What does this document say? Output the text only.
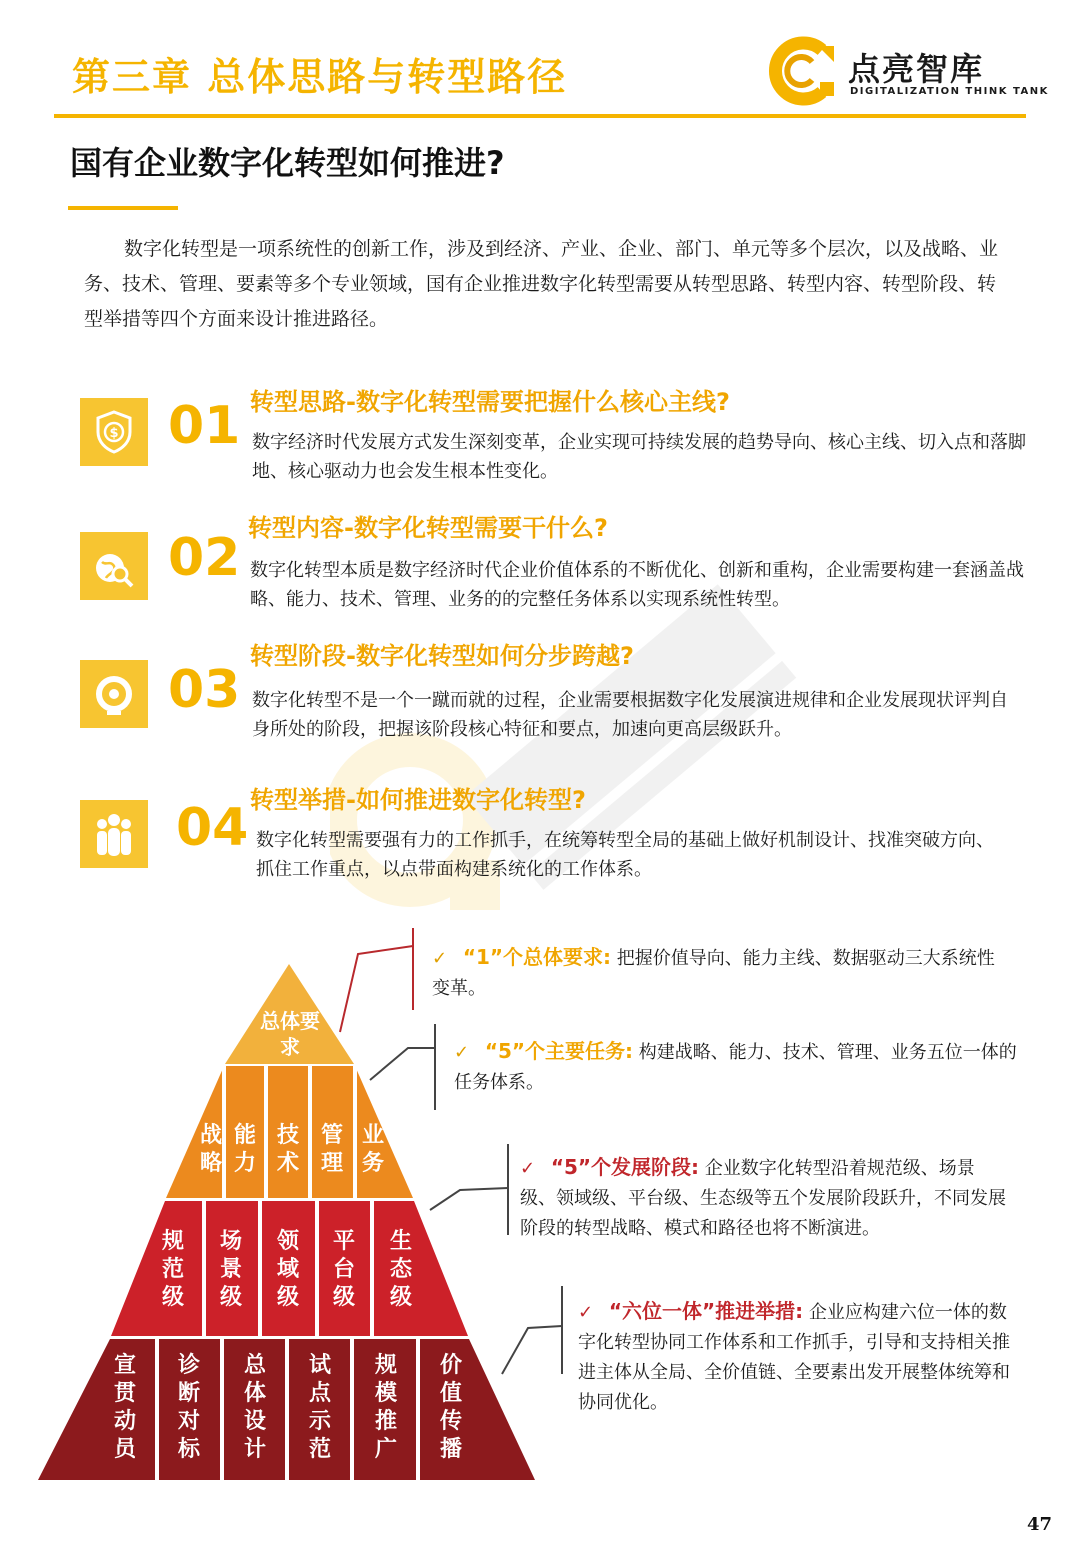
第三章 总体思路与转型路径	点亮智库
DIGITALIZATION THINK TANK
国有企业数字化转型如何推进?
数字化转型是一项系统性的创新工作，涉及到经济、产业、企业、部门、单元等多个层次，以及战略、业务、技术、管理、要素等多个专业领域，国有企业推进数字化转型需要从转型思路、转型内容、转型阶段、转型举措等四个方面来设计推进路径。
$ 01 转型思路-数字化转型需要把握什么核心主线?
数字经济时代发展方式发生深刻变革，企业实现可持续发展的趋势导向、核心主线、切入点和落脚地、核心驱动力也会发生根本性变化。
02 转型内容-数字化转型需要干什么?
数字化转型本质是数字经济时代企业价值体系的不断优化、创新和重构，企业需要构建一套涵盖战略、能力、技术、管理、业务的的完整任务体系以实现系统性转型。
03
转型阶段-数字化转型如何分步跨越?
数字化转型不是一个一蹴而就的过程，企业需要根据数字化发展演进规律和企业发展现状评判自身所处的阶段，把握该阶段核心特征和要点，加速向更高层级跃升。
04 转型举措-如何推进数字化转型?
数字化转型需要强有力的工作抓手，在统筹转型全局的基础上做好机制设计、找准突破方向、抓住工作重点，以点带面构建系统化的工作体系。
总体要求
战略
能力
技术
管理
业务
规范级
场景级
领域级
平台级
生态级
宣贯动员
诊断对标
总体设计
试点示范
规模推广
价值传播
✓ “1”个总体要求: 把握价值导向、能力主线、数据驱动三大系统性变革。
✓ “5”个主要任务: 构建战略、能力、技术、管理、业务五位一体的任务体系。
✓ “5”个发展阶段: 企业数字化转型沿着规范级、场景级、领域级、平台级、生态级等五个发展阶段跃升，不同发展阶段的转型战略、模式和路径也将不断演进。
✓ “六位一体”推进举措: 企业应构建六位一体的数字化转型协同工作体系和工作抓手，引导和支持相关推进主体从全局、全价值链、全要素出发开展整体统筹和协同优化。
47
